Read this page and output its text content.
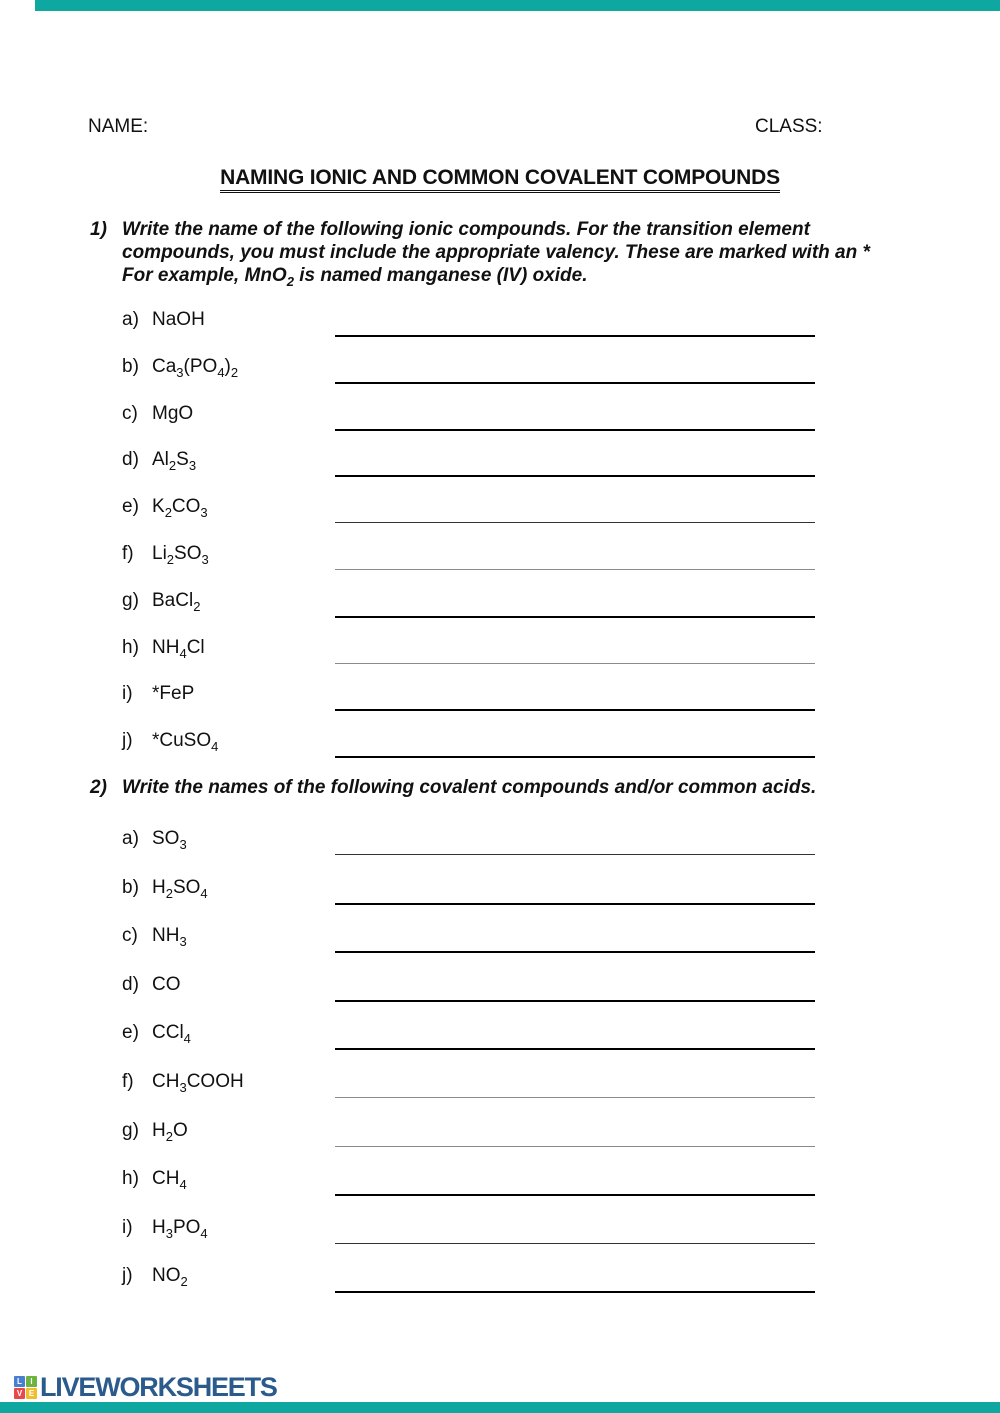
NAME:	CLASS:
NAMING IONIC AND COMMON COVALENT COMPOUNDS
1) Write the name of the following ionic compounds. For the transition element
compounds, you must include the appropriate valency. These are marked with an *
For example, MnO$_2$ is named manganese (IV) oxide.
a) NaOH
b) $Ca_3(PO_4)_2$
c) MgO
d) $Al_2S_3$
e) $K_2CO_3$
f) $Li_2SO_3$
g) BaCl$_2$
h) $NH_4Cl$
i)	*FeP
j)	*CuSO$_4$
2) Write the names of the following covalent compounds and/or common acids.
a) $SO_3$
b) $H_2SO_4$
c) $NH_3$
d) CO
e) CCl$_4$
f) $CH_3COOH$
g) $H_2O$
h) $CH_4$
i)	$H_3PO_4$
j)	$NO_2$
L	I
V E LIVEWORKSHEETS
